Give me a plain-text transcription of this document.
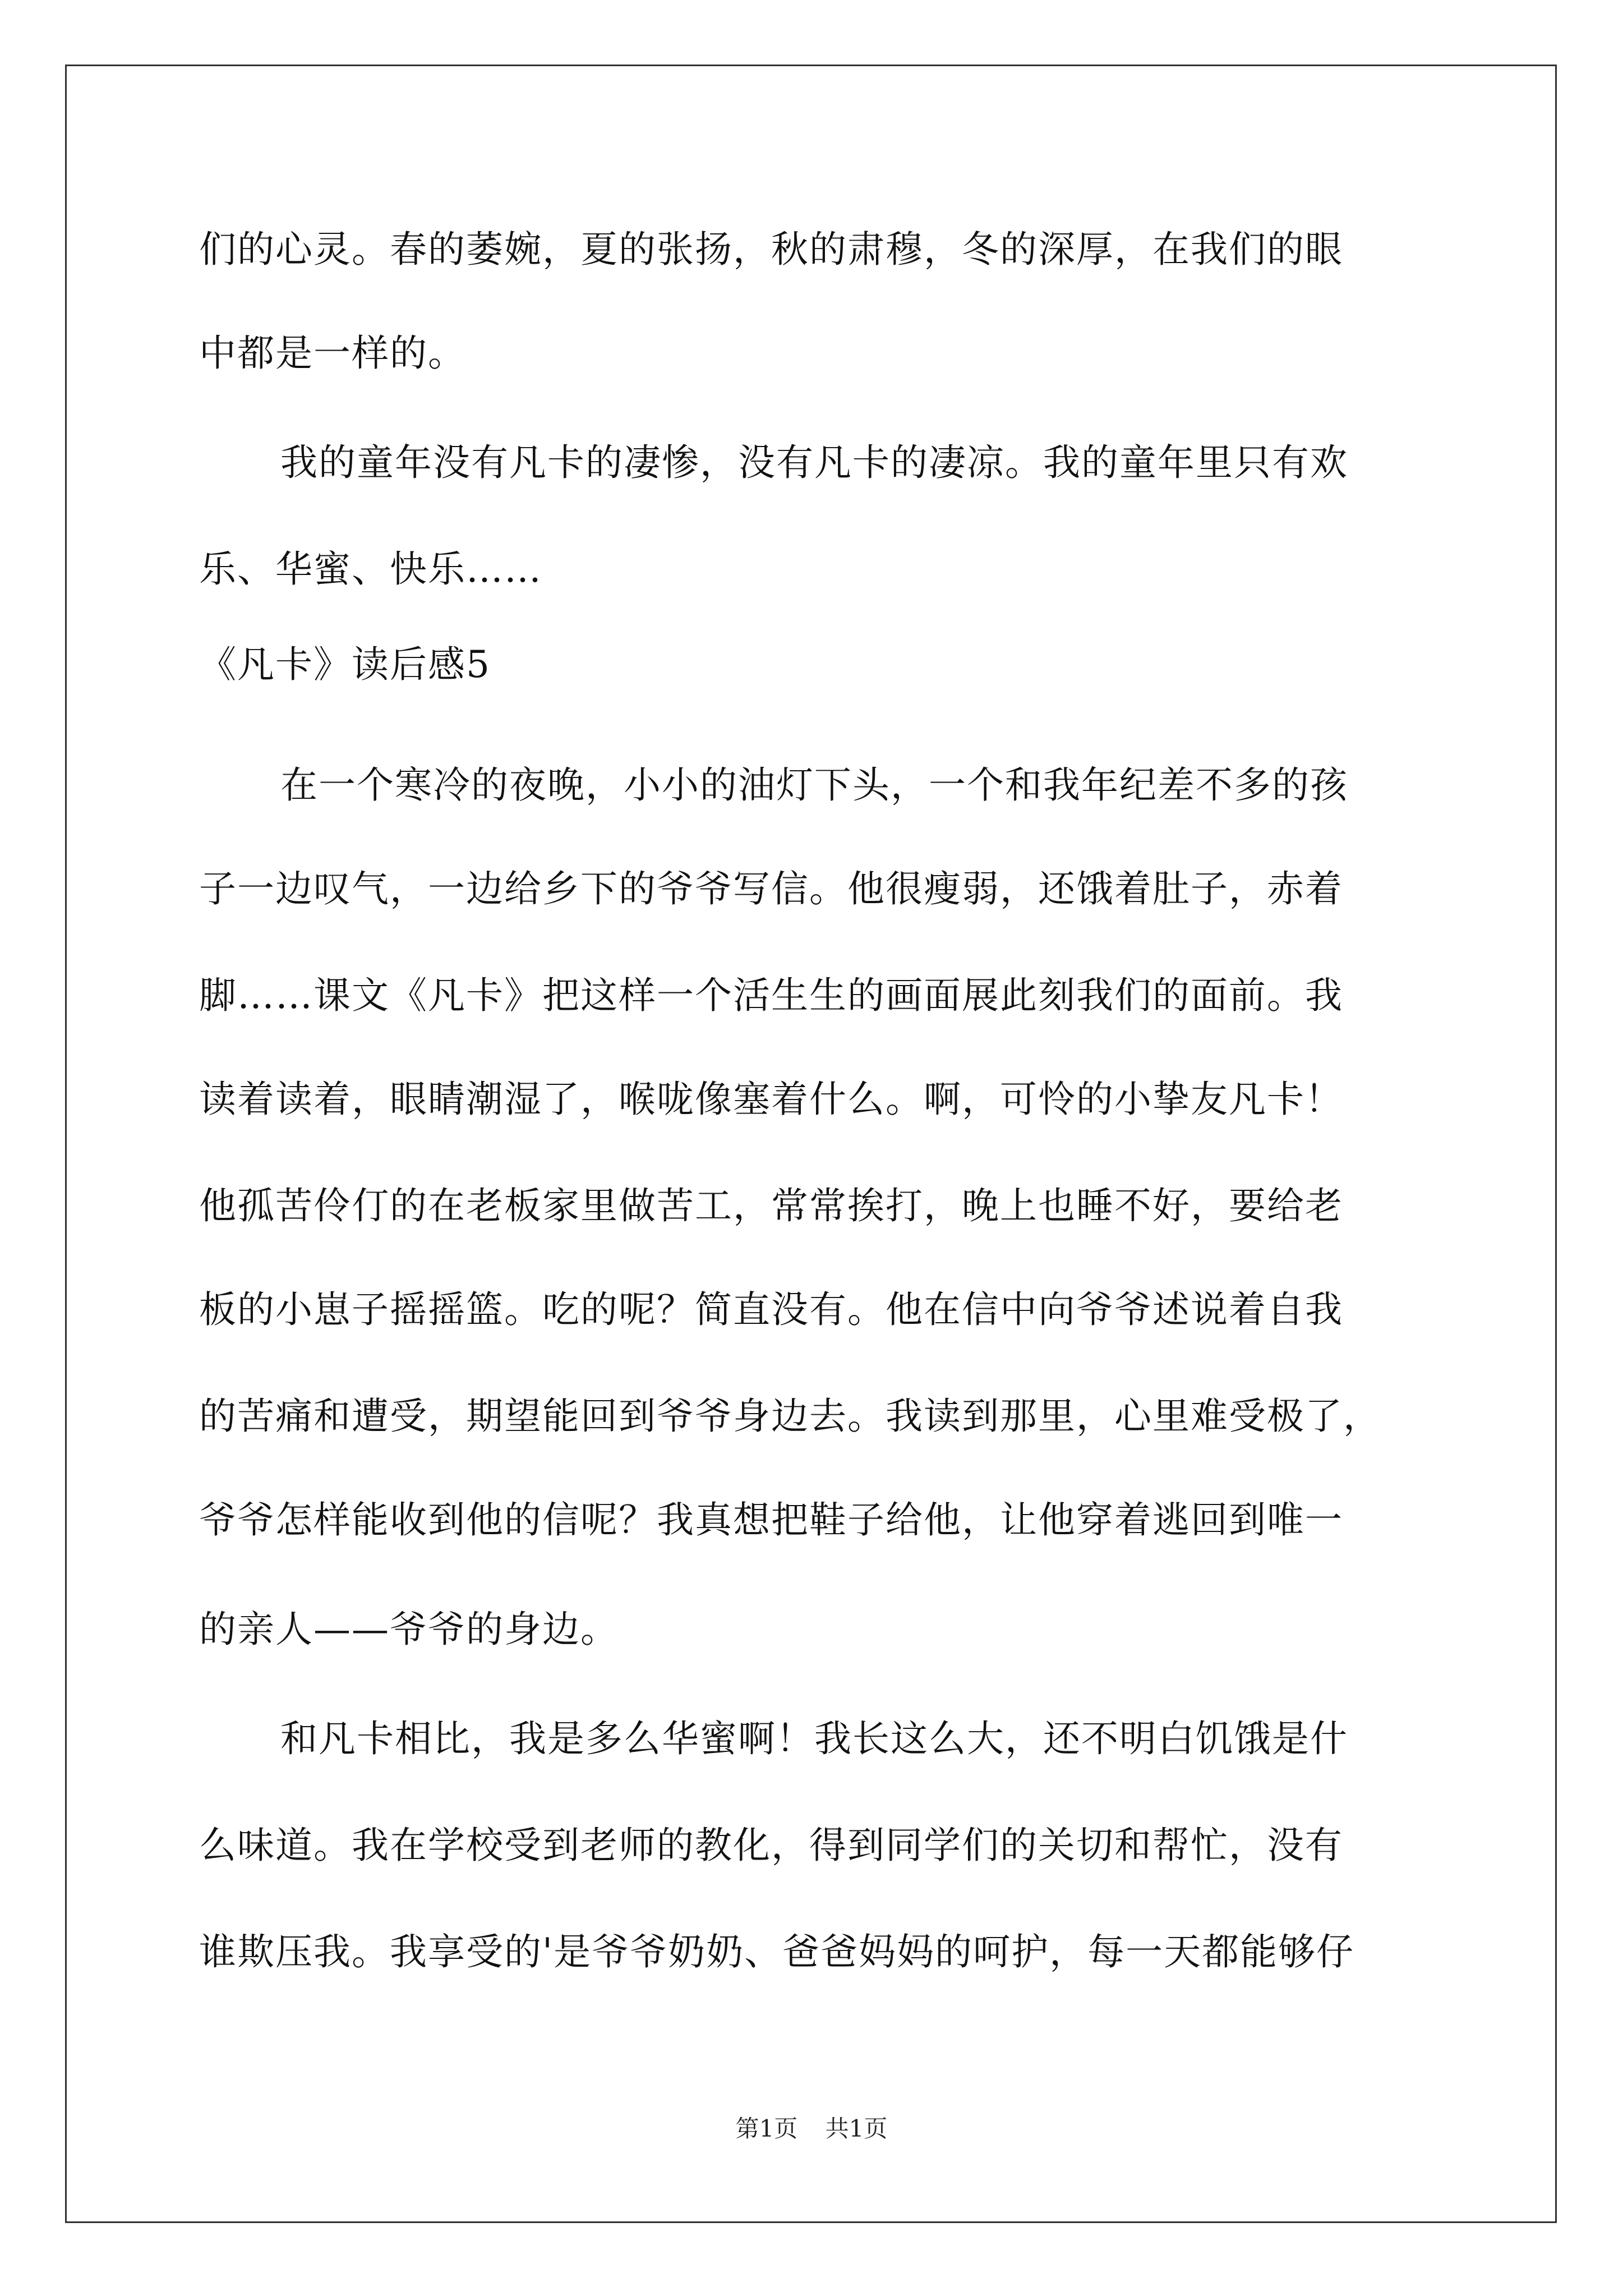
们的心灵。春的萎婉，夏的张扬，秋的肃穆，冬的深厚，在我们的眼
中都是一样的。
我的童年没有凡卡的凄惨，没有凡卡的凄凉。我的童年里只有欢
乐、华蜜、快乐……
《凡卡》读后感5
在一个寒冷的夜晚，小小的油灯下头，一个和我年纪差不多的孩
子一边叹气，一边给乡下的爷爷写信。他很瘦弱，还饿着肚子，赤着
脚……课文《凡卡》把这样一个活生生的画面展此刻我们的面前。我
读着读着，眼睛潮湿了，喉咙像塞着什么。啊，可怜的小挚友凡卡！
他孤苦伶仃的在老板家里做苦工，常常挨打，晚上也睡不好，要给老
板的小崽子摇摇篮。吃的呢？简直没有。他在信中向爷爷述说着自我
的苦痛和遭受，期望能回到爷爷身边去。我读到那里，心里难受极了，
爷爷怎样能收到他的信呢？我真想把鞋子给他，让他穿着逃回到唯一
的亲人——爷爷的身边。
和凡卡相比，我是多么华蜜啊！我长这么大，还不明白饥饿是什
么味道。我在学校受到老师的教化，得到同学们的关切和帮忙，没有
谁欺压我。我享受的'是爷爷奶奶、爸爸妈妈的呵护，每一天都能够仔
第1页 共1页
